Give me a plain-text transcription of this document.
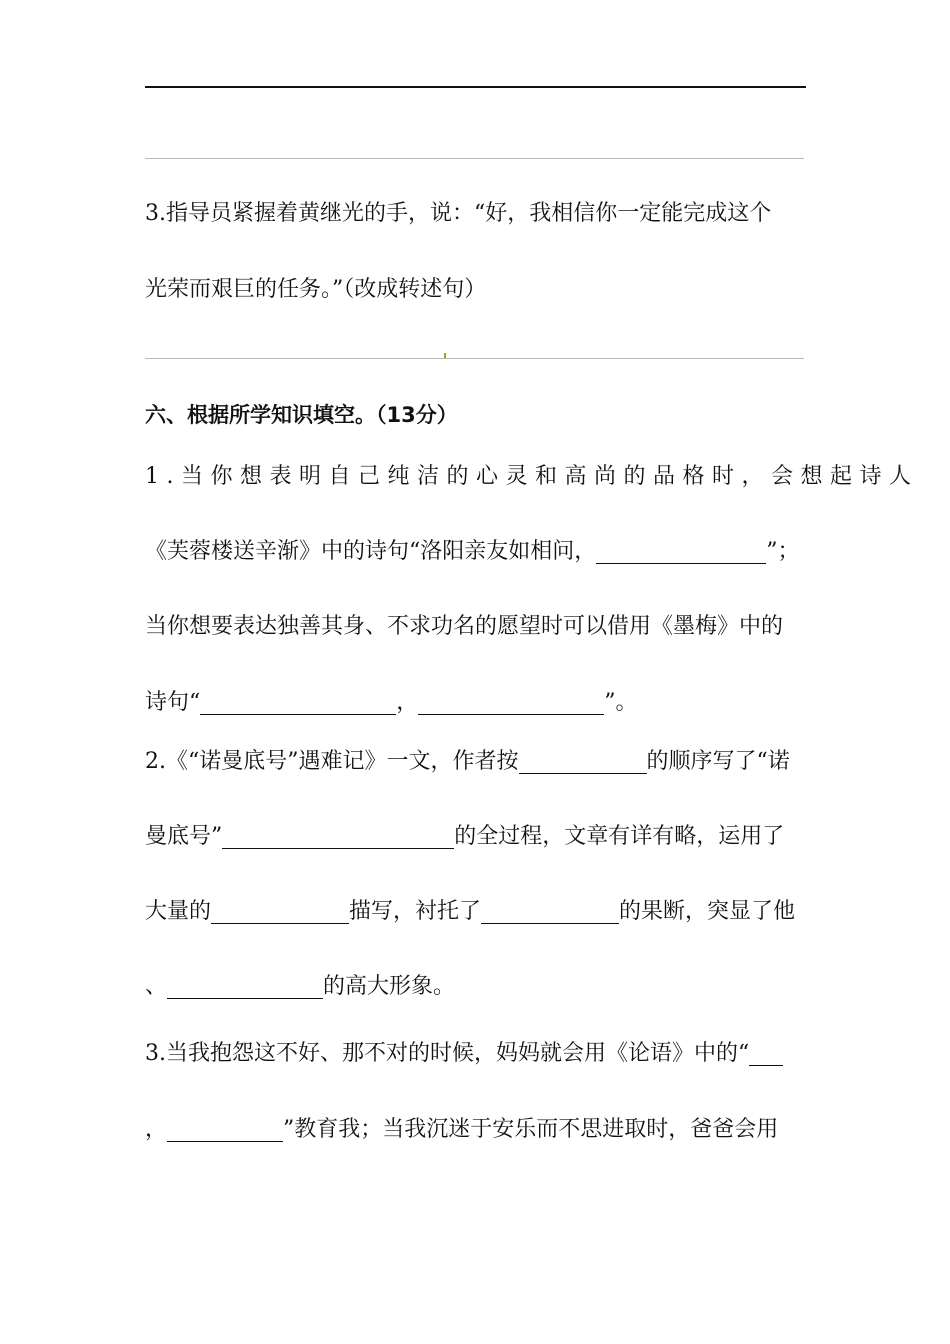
3.指导员紧握着黄继光的手，说：“好，我相信你一定能完成这个

光荣而艰巨的任务。”（改成转述句）

六、根据所学知识填空。（13分）

1.当你想表明自己纯洁的心灵和高尚的品格时，会想起诗人

《芙蓉楼送辛渐》中的诗句“洛阳亲友如相问，	”；

当你想要表达独善其身、不求功名的愿望时可以借用《墨梅》中的

诗句“	，	”。

2.《“诺曼底号”遇难记》一文，作者按	的顺序写了“诺

曼底号”	的全过程，文章有详有略，运用了

大量的	描写，衬托了	的果断，突显了他

、	的高大形象。

3.当我抱怨这不好、那不对的时候，妈妈就会用《论语》中的“

，	”教育我；当我沉迷于安乐而不思进取时，爸爸会用
